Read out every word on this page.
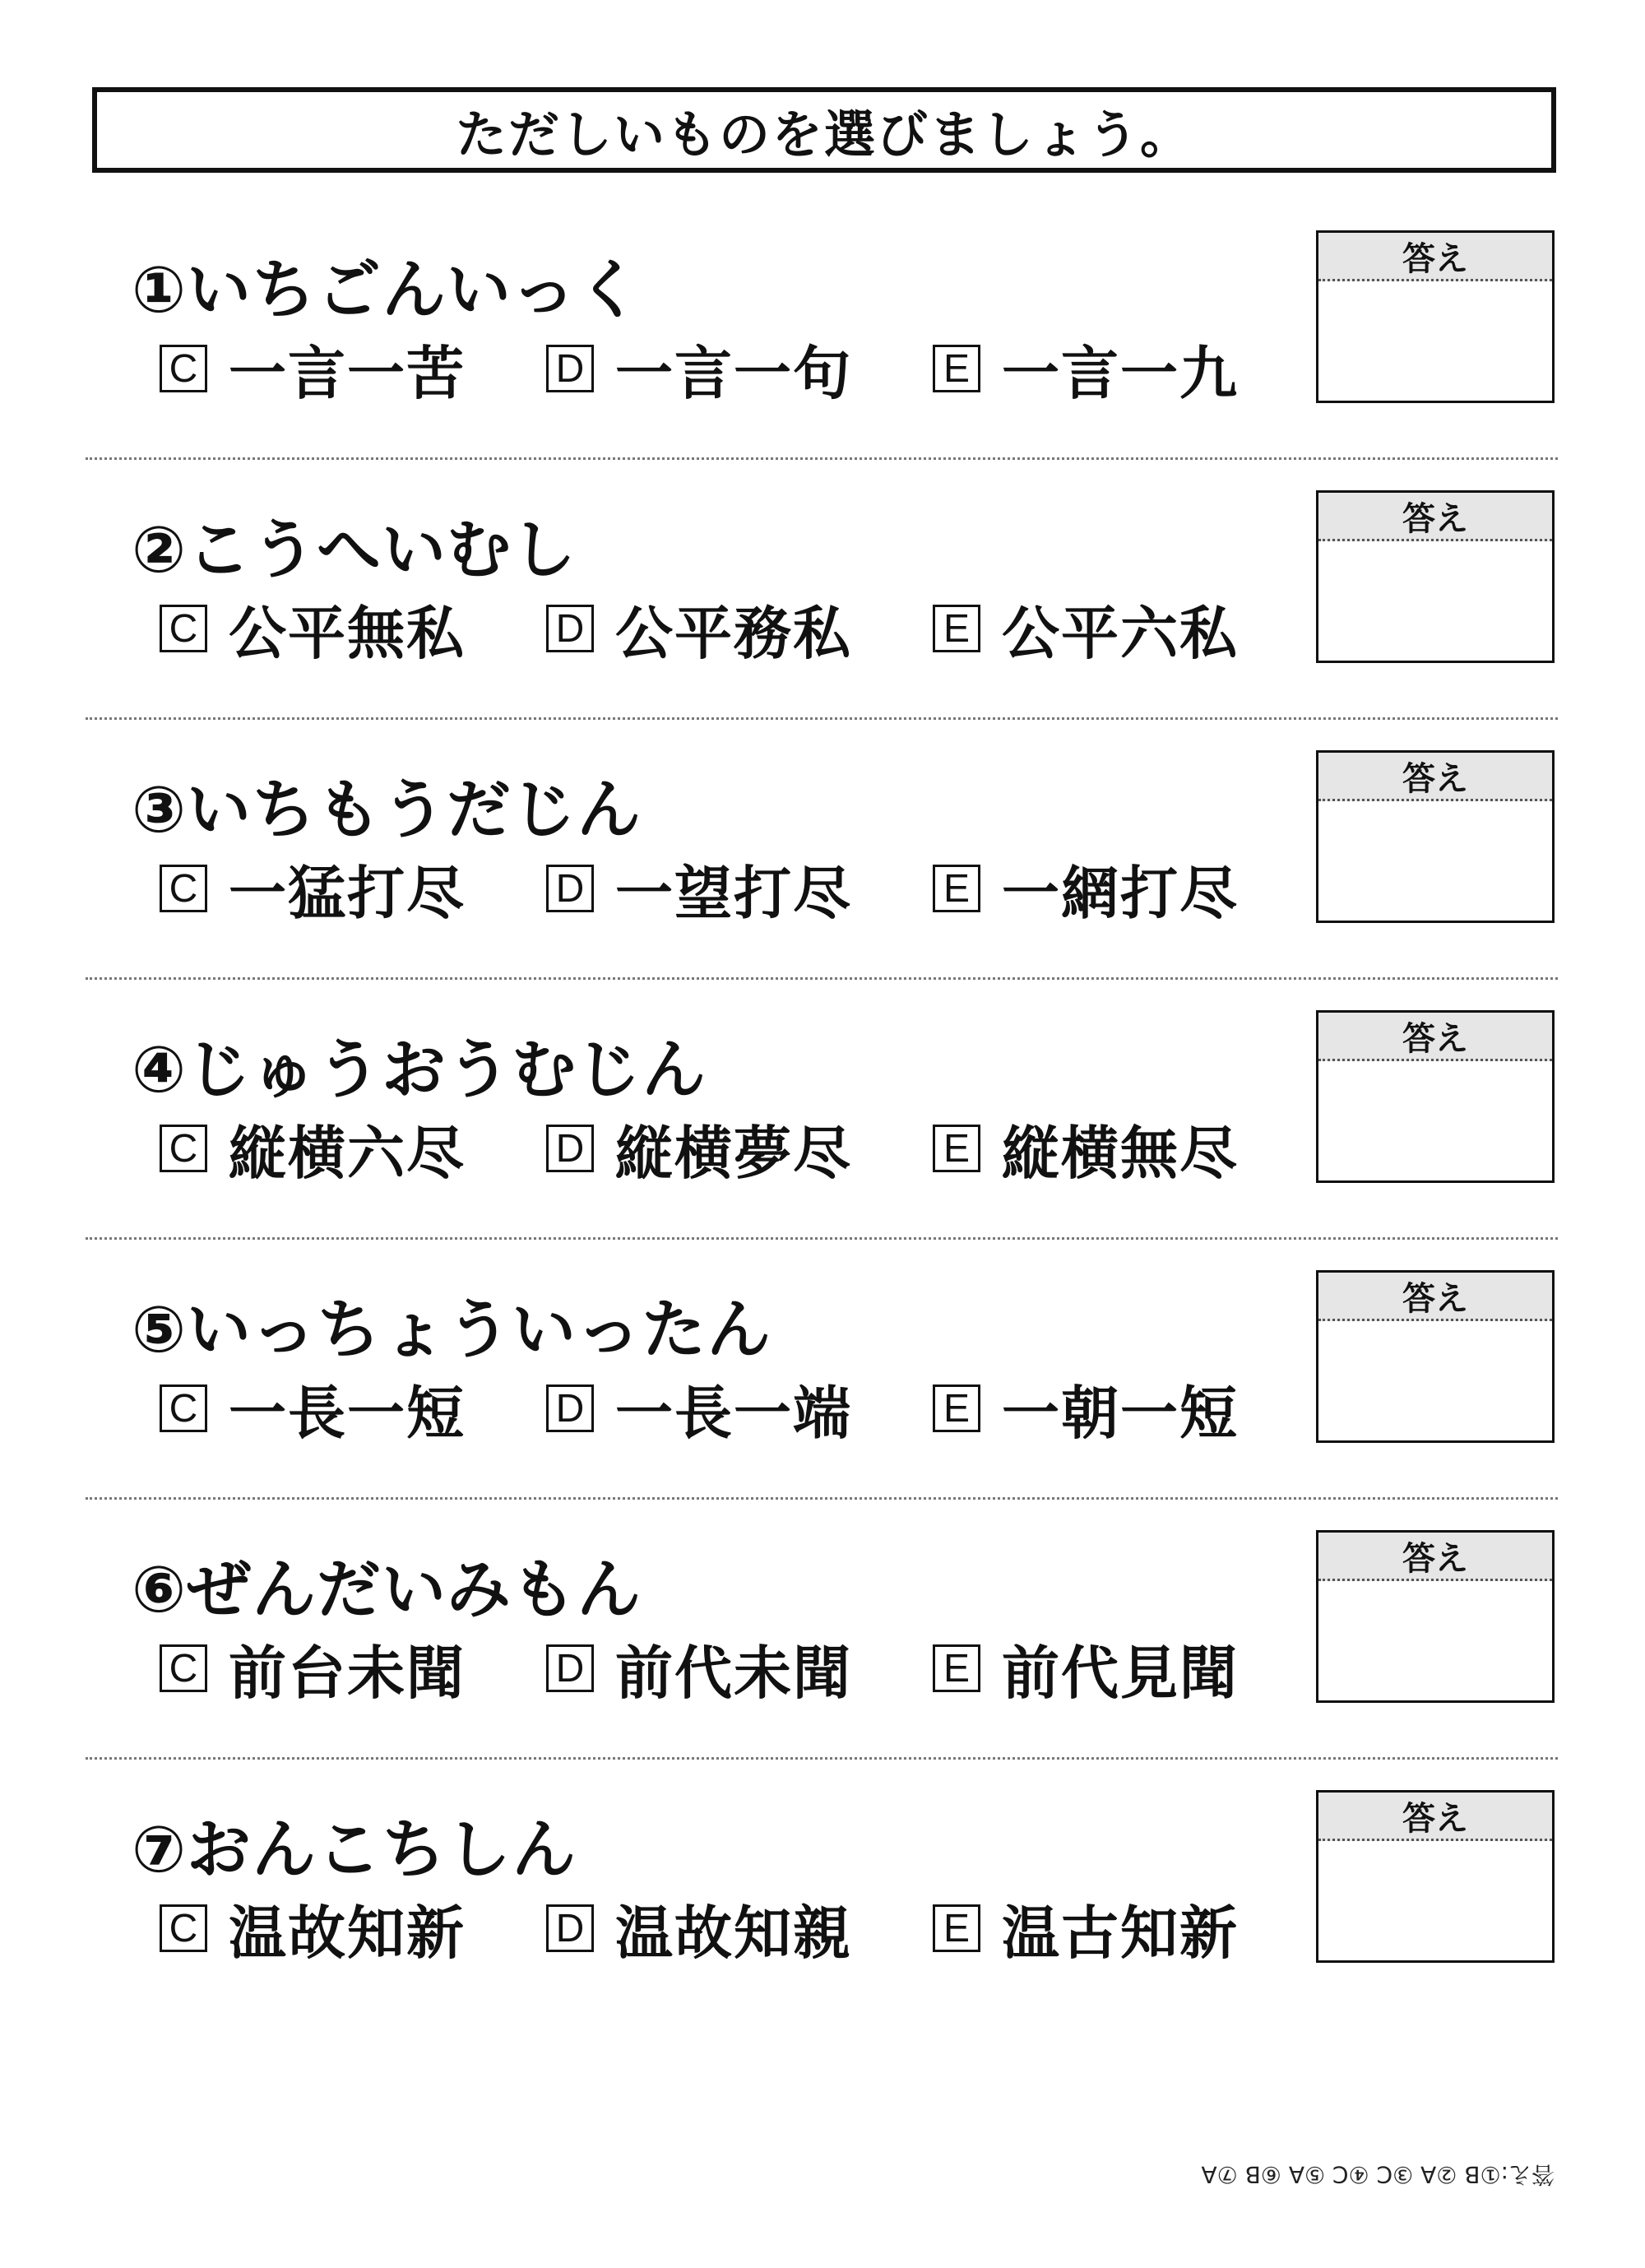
ただしいものを選びましょう。
①いちごんいっく
C 一言一苦 D 一言一句 E 一言一九
答え
②こうへいむし
C 公平無私 D 公平務私 E 公平六私
答え
③いちもうだじん
C 一猛打尽 D 一望打尽 E 一網打尽
答え
④じゅうおうむじん
C 縦横六尽 D 縦横夢尽 E 縦横無尽
答え
⑤いっちょういったん
C 一長一短 D 一長一端 E 一朝一短
答え
⑥ぜんだいみもん
C 前台未聞 D 前代未聞 E 前代見聞
答え
⑦おんこちしん
C 温故知新 D 温故知親 E 温古知新
答え
答え:①B ②A ③C ④C ⑤A ⑥B ⑦A
